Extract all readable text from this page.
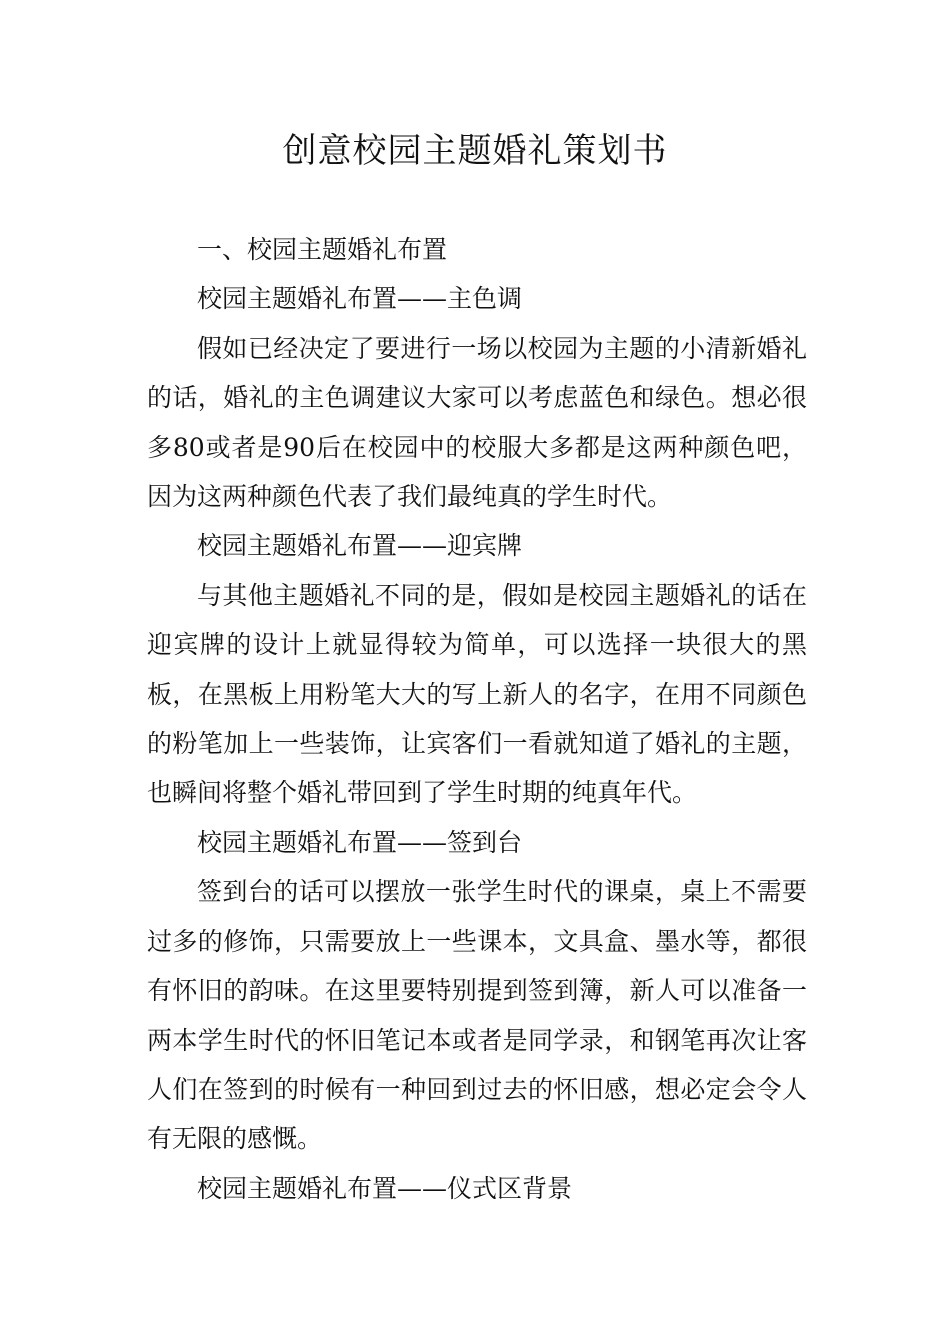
创意校园主题婚礼策划书

一、校园主题婚礼布置

校园主题婚礼布置——主色调

假如已经决定了要进行一场以校园为主题的小清新婚礼的话，婚礼的主色调建议大家可以考虑蓝色和绿色。想必很多80或者是90后在校园中的校服大多都是这两种颜色吧，因为这两种颜色代表了我们最纯真的学生时代。

校园主题婚礼布置——迎宾牌

与其他主题婚礼不同的是，假如是校园主题婚礼的话在迎宾牌的设计上就显得较为简单，可以选择一块很大的黑板，在黑板上用粉笔大大的写上新人的名字，在用不同颜色的粉笔加上一些装饰，让宾客们一看就知道了婚礼的主题，也瞬间将整个婚礼带回到了学生时期的纯真年代。

校园主题婚礼布置——签到台

签到台的话可以摆放一张学生时代的课桌，桌上不需要过多的修饰，只需要放上一些课本，文具盒、墨水等，都很有怀旧的韵味。在这里要特别提到签到簿，新人可以准备一两本学生时代的怀旧笔记本或者是同学录，和钢笔再次让客人们在签到的时候有一种回到过去的怀旧感，想必定会令人有无限的感慨。

校园主题婚礼布置——仪式区背景
